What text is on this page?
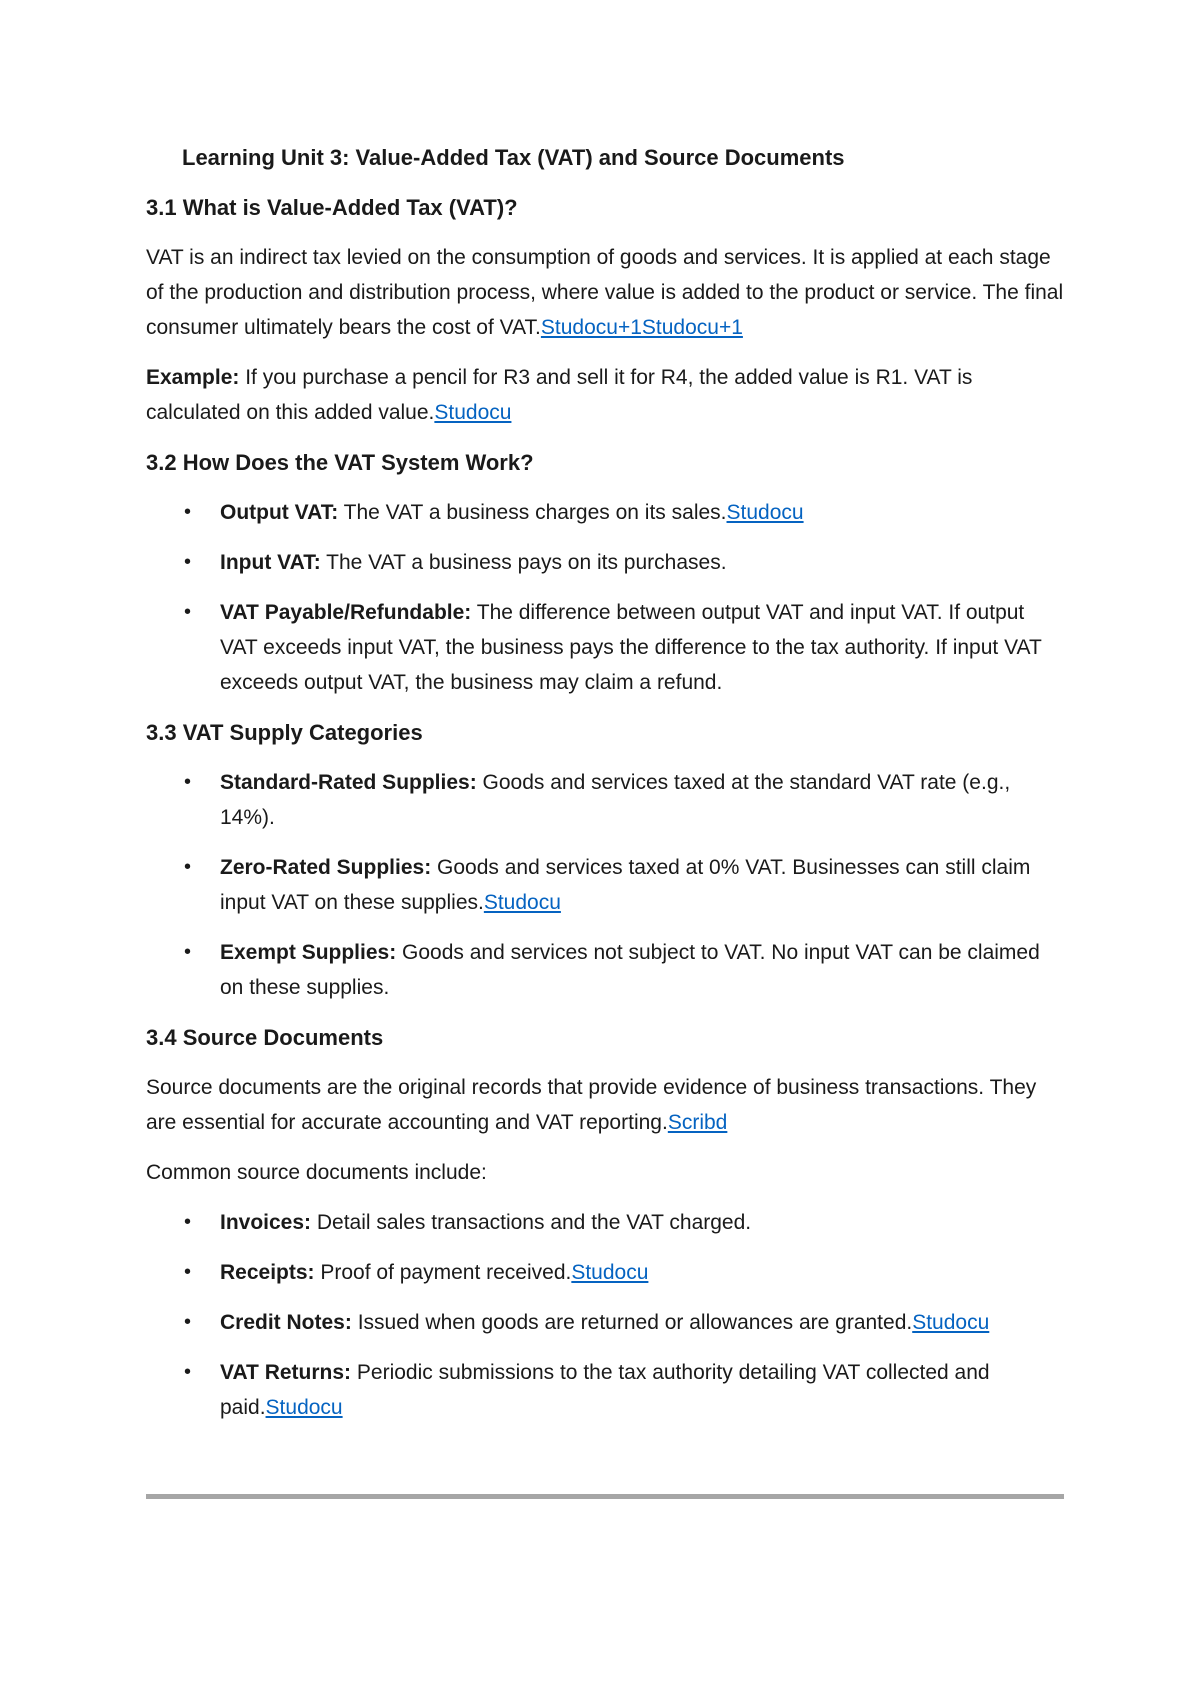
Learning Unit 3: Value-Added Tax (VAT) and Source Documents
3.1 What is Value-Added Tax (VAT)?

VAT is an indirect tax levied on the consumption of goods and services. It is applied at each stage of the production and distribution process, where value is added to the product or service. The final consumer ultimately bears the cost of VAT.Studocu+1Studocu+1

Example: If you purchase a pencil for R3 and sell it for R4, the added value is R1. VAT is calculated on this added value.Studocu

3.2 How Does the VAT System Work?
• Output VAT: The VAT a business charges on its sales.Studocu
• Input VAT: The VAT a business pays on its purchases.
• VAT Payable/Refundable: The difference between output VAT and input VAT. If output VAT exceeds input VAT, the business pays the difference to the tax authority. If input VAT exceeds output VAT, the business may claim a refund.
3.3 VAT Supply Categories
• Standard-Rated Supplies: Goods and services taxed at the standard VAT rate (e.g., 14%).
• Zero-Rated Supplies: Goods and services taxed at 0% VAT. Businesses can still claim input VAT on these supplies.Studocu
• Exempt Supplies: Goods and services not subject to VAT. No input VAT can be claimed on these supplies.
3.4 Source Documents

Source documents are the original records that provide evidence of business transactions. They are essential for accurate accounting and VAT reporting.Scribd

Common source documents include:

• Invoices: Detail sales transactions and the VAT charged.
• Receipts: Proof of payment received.Studocu
• Credit Notes: Issued when goods are returned or allowances are granted.Studocu
• VAT Returns: Periodic submissions to the tax authority detailing VAT collected and paid.Studocu
